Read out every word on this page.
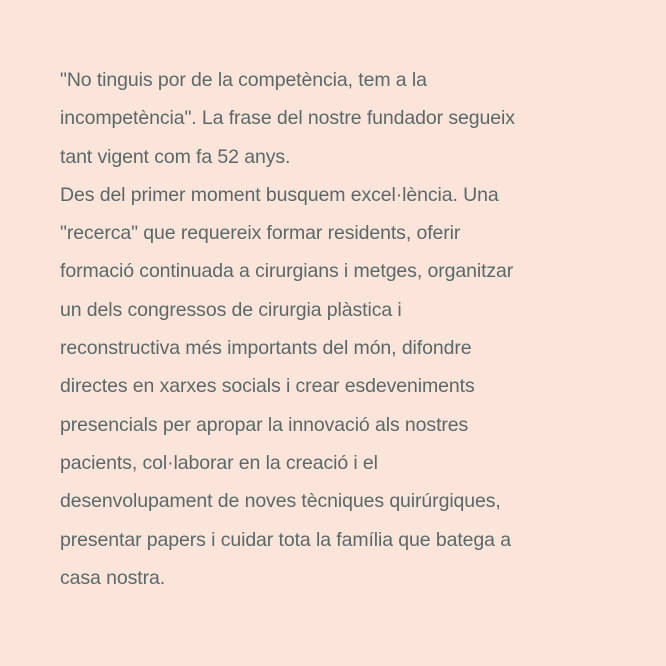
"No tinguis por de la competència, tem a la
incompetència". La frase del nostre fundador segueix
tant vigent com fa 52 anys.
Des del primer moment busquem excel·lència. Una
"recerca" que requereix formar residents, oferir
formació continuada a cirurgians i metges, organitzar
un dels congressos de cirurgia plàstica i
reconstructiva més importants del món, difondre
directes en xarxes socials i crear esdeveniments
presencials per apropar la innovació als nostres
pacients, col·laborar en la creació i el
desenvolupament de noves tècniques quirúrgiques,
presentar papers i cuidar tota la família que batega a
casa nostra.
